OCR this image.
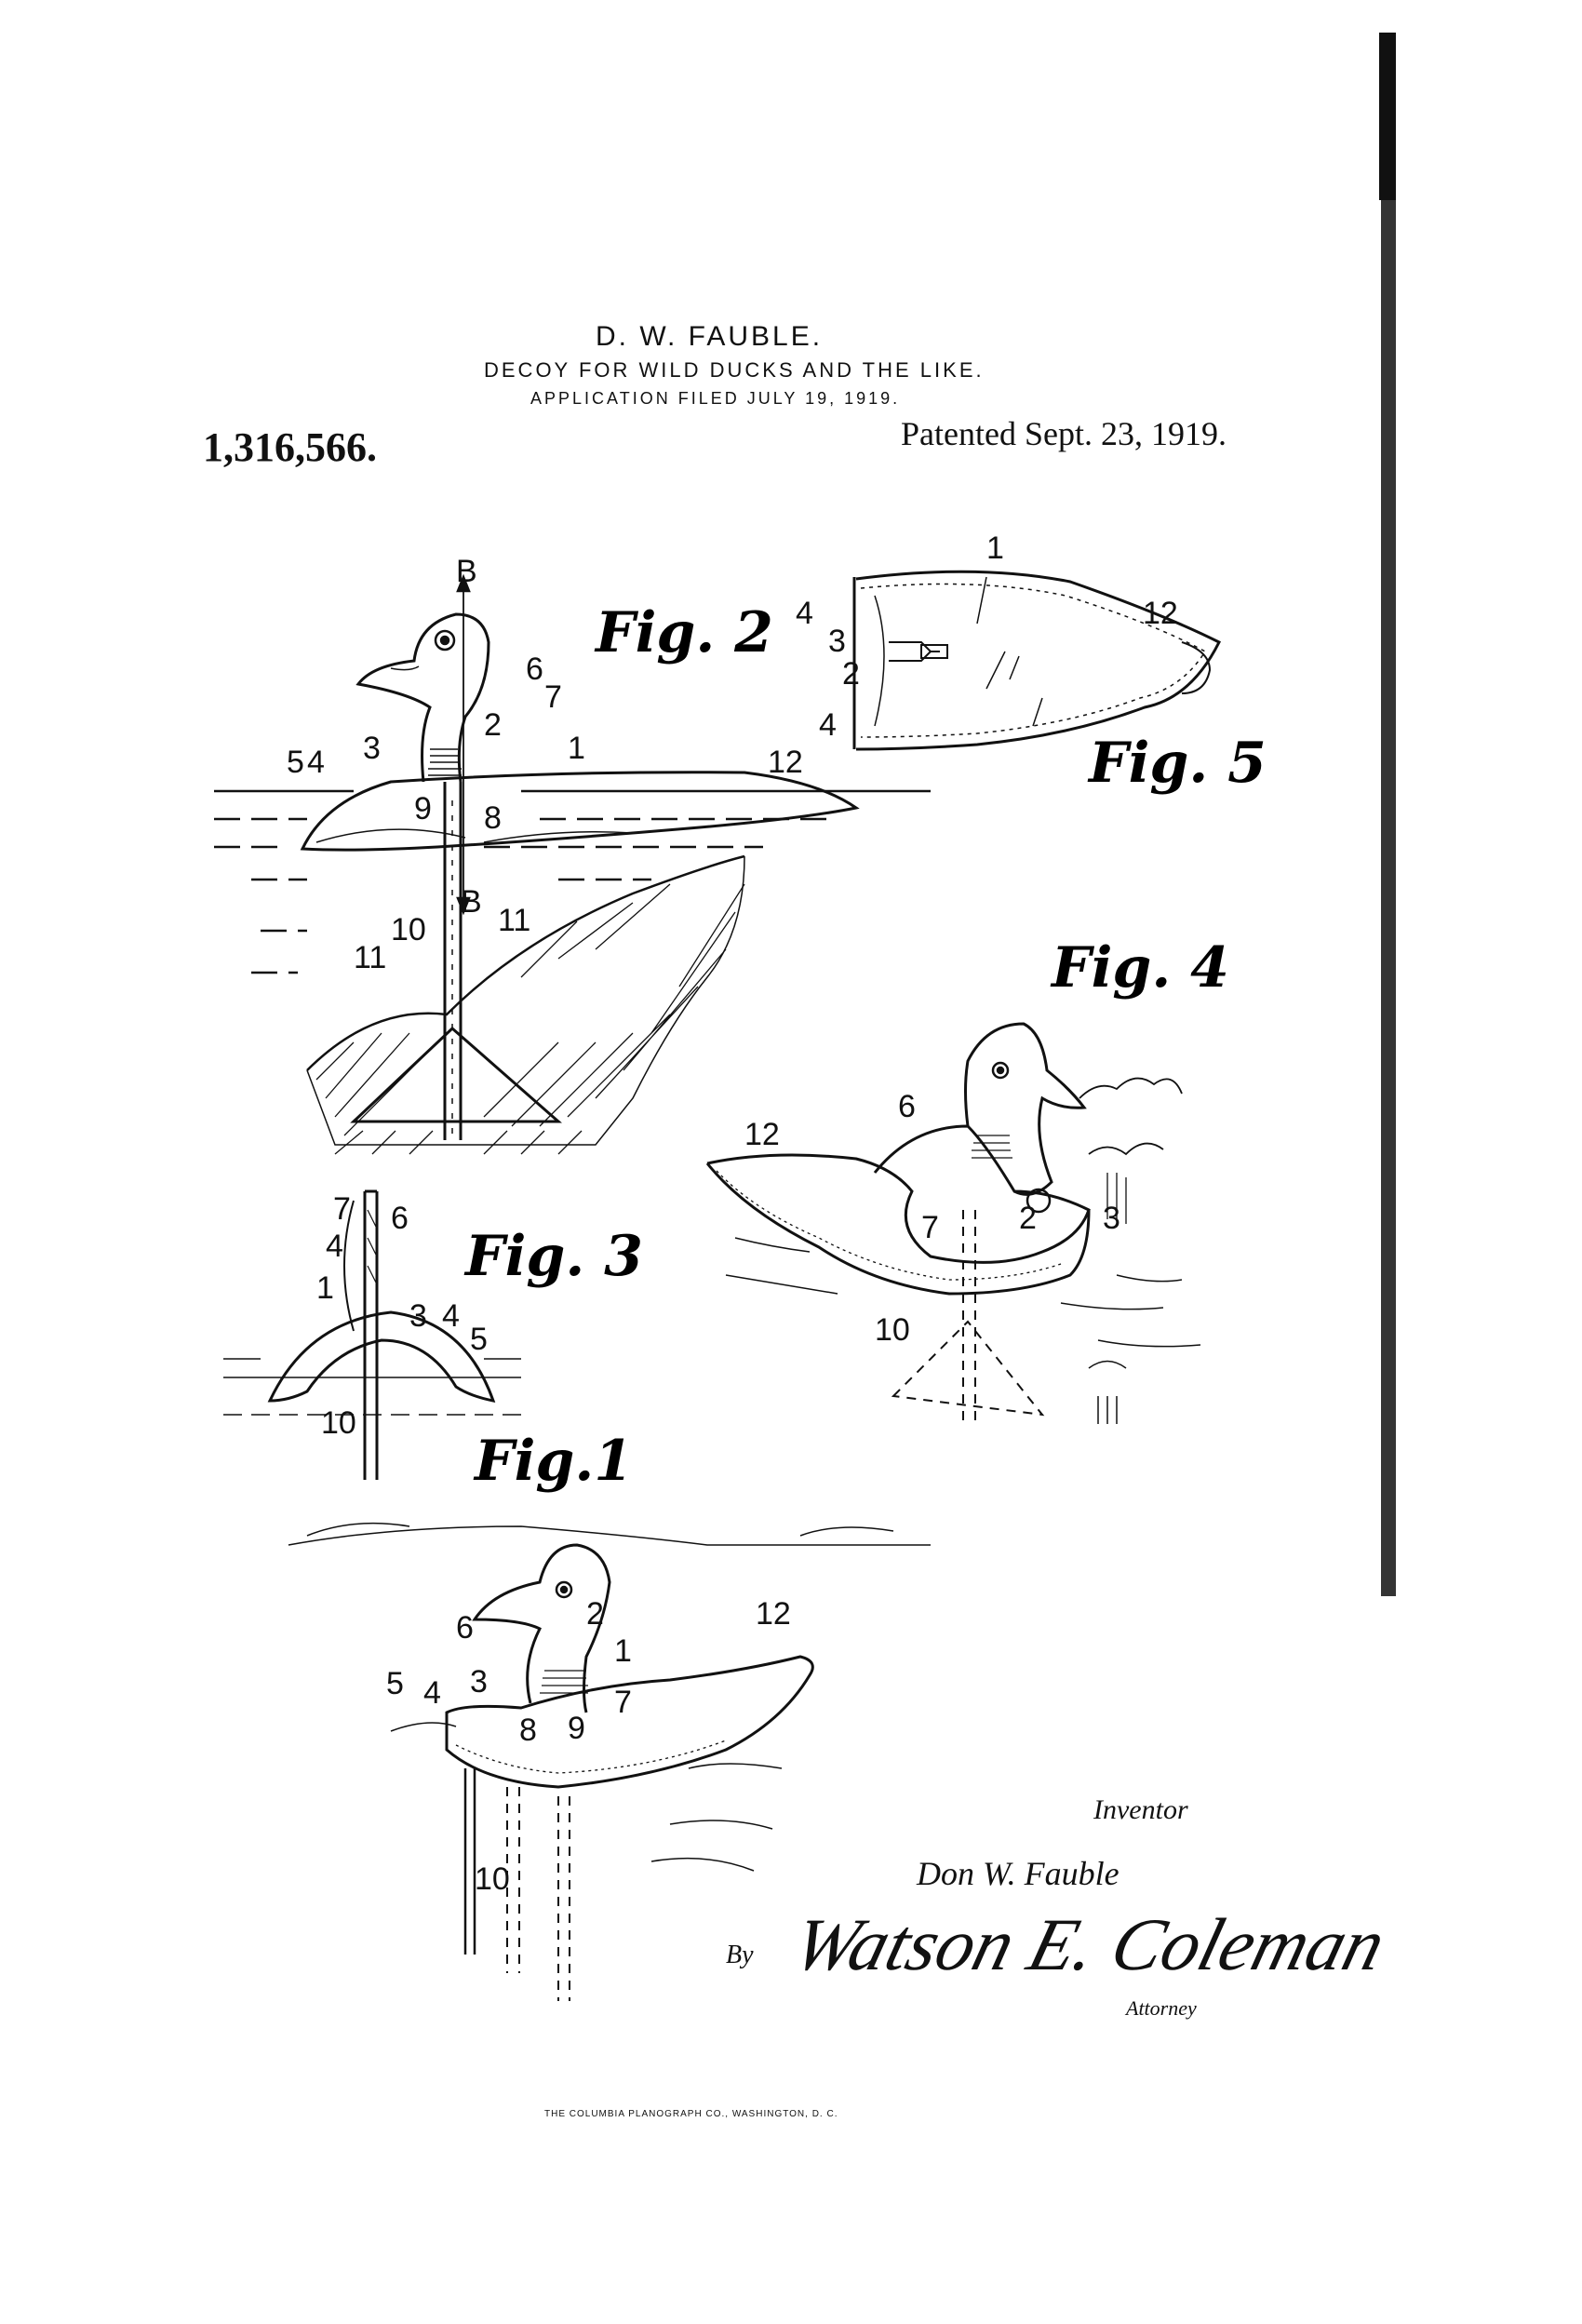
D. W. FAUBLE.
DECOY FOR WILD DUCKS AND THE LIKE.
APPLICATION FILED JULY 19, 1919.
1,316,566.	Patented Sept. 23, 1919.
Fig. 2
Fig. 5
Fig. 4
Fig. 3
Fig.1
5 4 3
6
7
2
1	12
9 8
10
11
11
B
B
4
3
2
4
1
12
12
6
7	2 3
10
7
4
6
1
3 4
5
10
2
6
1
12
3
4
5
7
8 9
10
Inventor
Don W. Fauble
By Watson E. Coleman
Attorney
THE COLUMBIA PLANOGRAPH CO., WASHINGTON, D. C.
